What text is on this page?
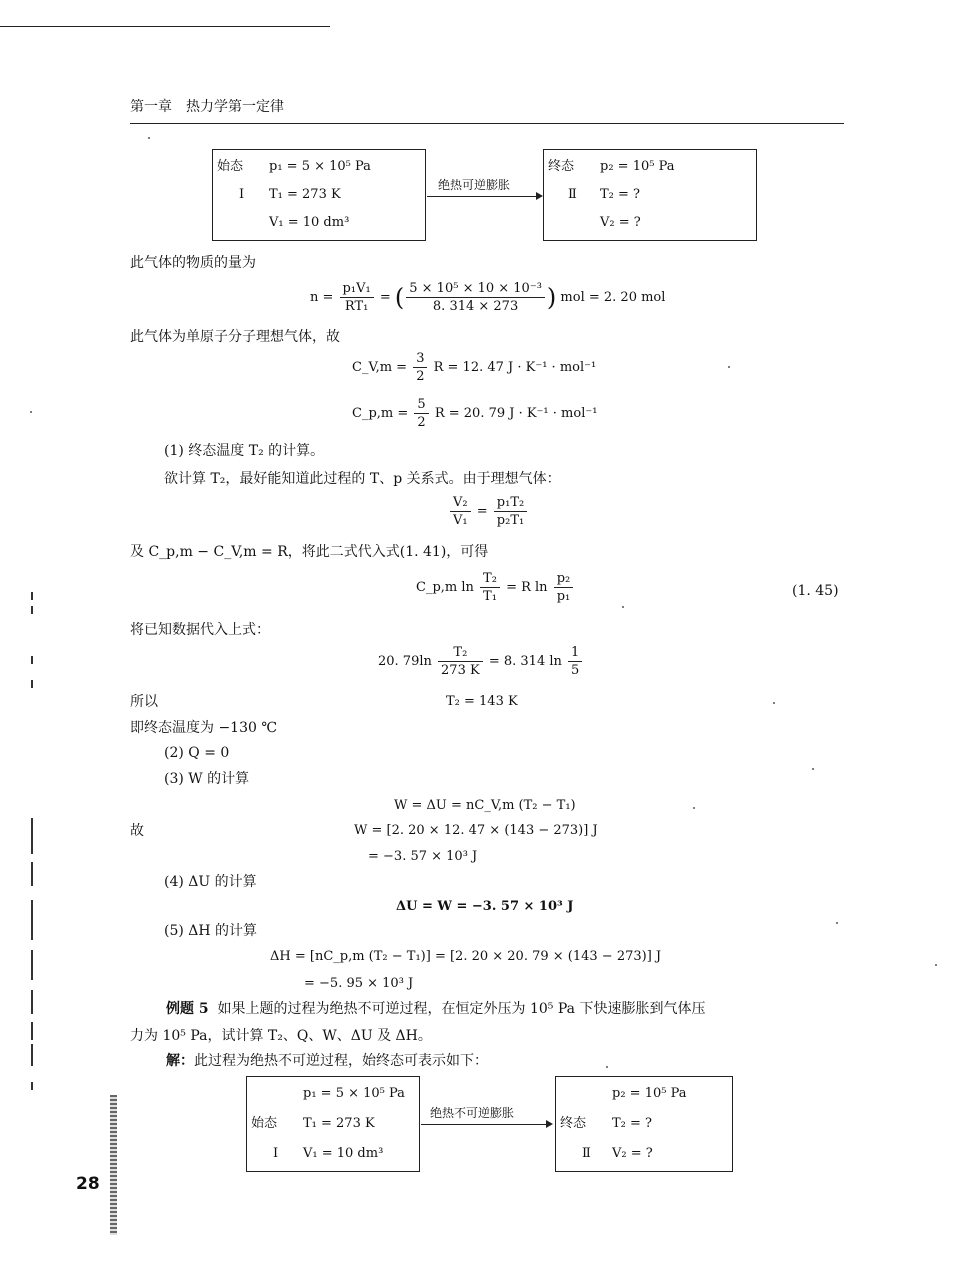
第一章　热力学第一定律
始态
Ⅰ
p₁ = 5 × 10⁵ Pa
T₁ = 273 K
V₁ = 10 dm³
绝热可逆膨胀
终态
Ⅱ
p₂ = 10⁵ Pa
T₂ = ?
V₂ = ?
此气体的物质的量为
$n = \frac{\text{p₁V₁}}{\text{RT₁}}$ = ( $\frac{\text{5 × 10⁵ × 10 × 10⁻³}}{8. 314 \times 273}$ ) mol = 2. 20 mol
此气体为单原子分子理想气体，故
C_V,m = $\frac{3}{2}$ R = 12. 47 J · K⁻¹ · mol⁻¹
C_p,m = $\frac{5}{2}$ R = 20. 79 J · K⁻¹ · mol⁻¹
(1) 终态温度 T₂ 的计算。
欲计算 T₂，最好能知道此过程的 T、p 关系式。由于理想气体：
$\frac{\text{V₂}}{\text{V₁}} = \frac{\text{p₁T₂}}{\text{p₂T₁}}$
及 C_p,m − C_V,m = R，将此二式代入式(1. 41)，可得
C_p,m $\ln \frac{\text{T₂}}{\text{T₁}} = R$ $\ln \frac{\text{p₂}}{\text{p₁}}$	(1. 45)
将已知数据代入上式：
20. $79\ln \frac{\text{T₂}}{273 K} = 8$. 314 $\ln \frac{1}{5}$
所以	T₂ = 143 K
即终态温度为 −130 ℃
(2) Q = 0
(3) W 的计算
W = ΔU = nC_V,m (T₂ − T₁)
故	W = [2. 20 × 12. 47 × (143 − 273)] J
= −3. 57 × 10³ J
(4) ΔU 的计算
ΔU = W = −3. 57 × 10³ J
(5) ΔH 的计算
ΔH = [nC_p,m (T₂ − T₁)] = [2. 20 × 20. 79 × (143 − 273)] J
= −5. 95 × 10³ J
例题 5 如果上题的过程为绝热不可逆过程，在恒定外压为 10⁵ Pa 下快速膨胀到气体压
力为 10⁵ Pa，试计算 T₂、Q、W、ΔU 及 ΔH。
解：此过程为绝热不可逆过程，始终态可表示如下：
p₁ = 5 × 10⁵ Pa
始态 T₁ = 273 K
Ⅰ V₁ = 10 dm³
绝热不可逆膨胀
p₂ = 10⁵ Pa
终态 T₂ = ?
Ⅱ V₂ = ?
28
